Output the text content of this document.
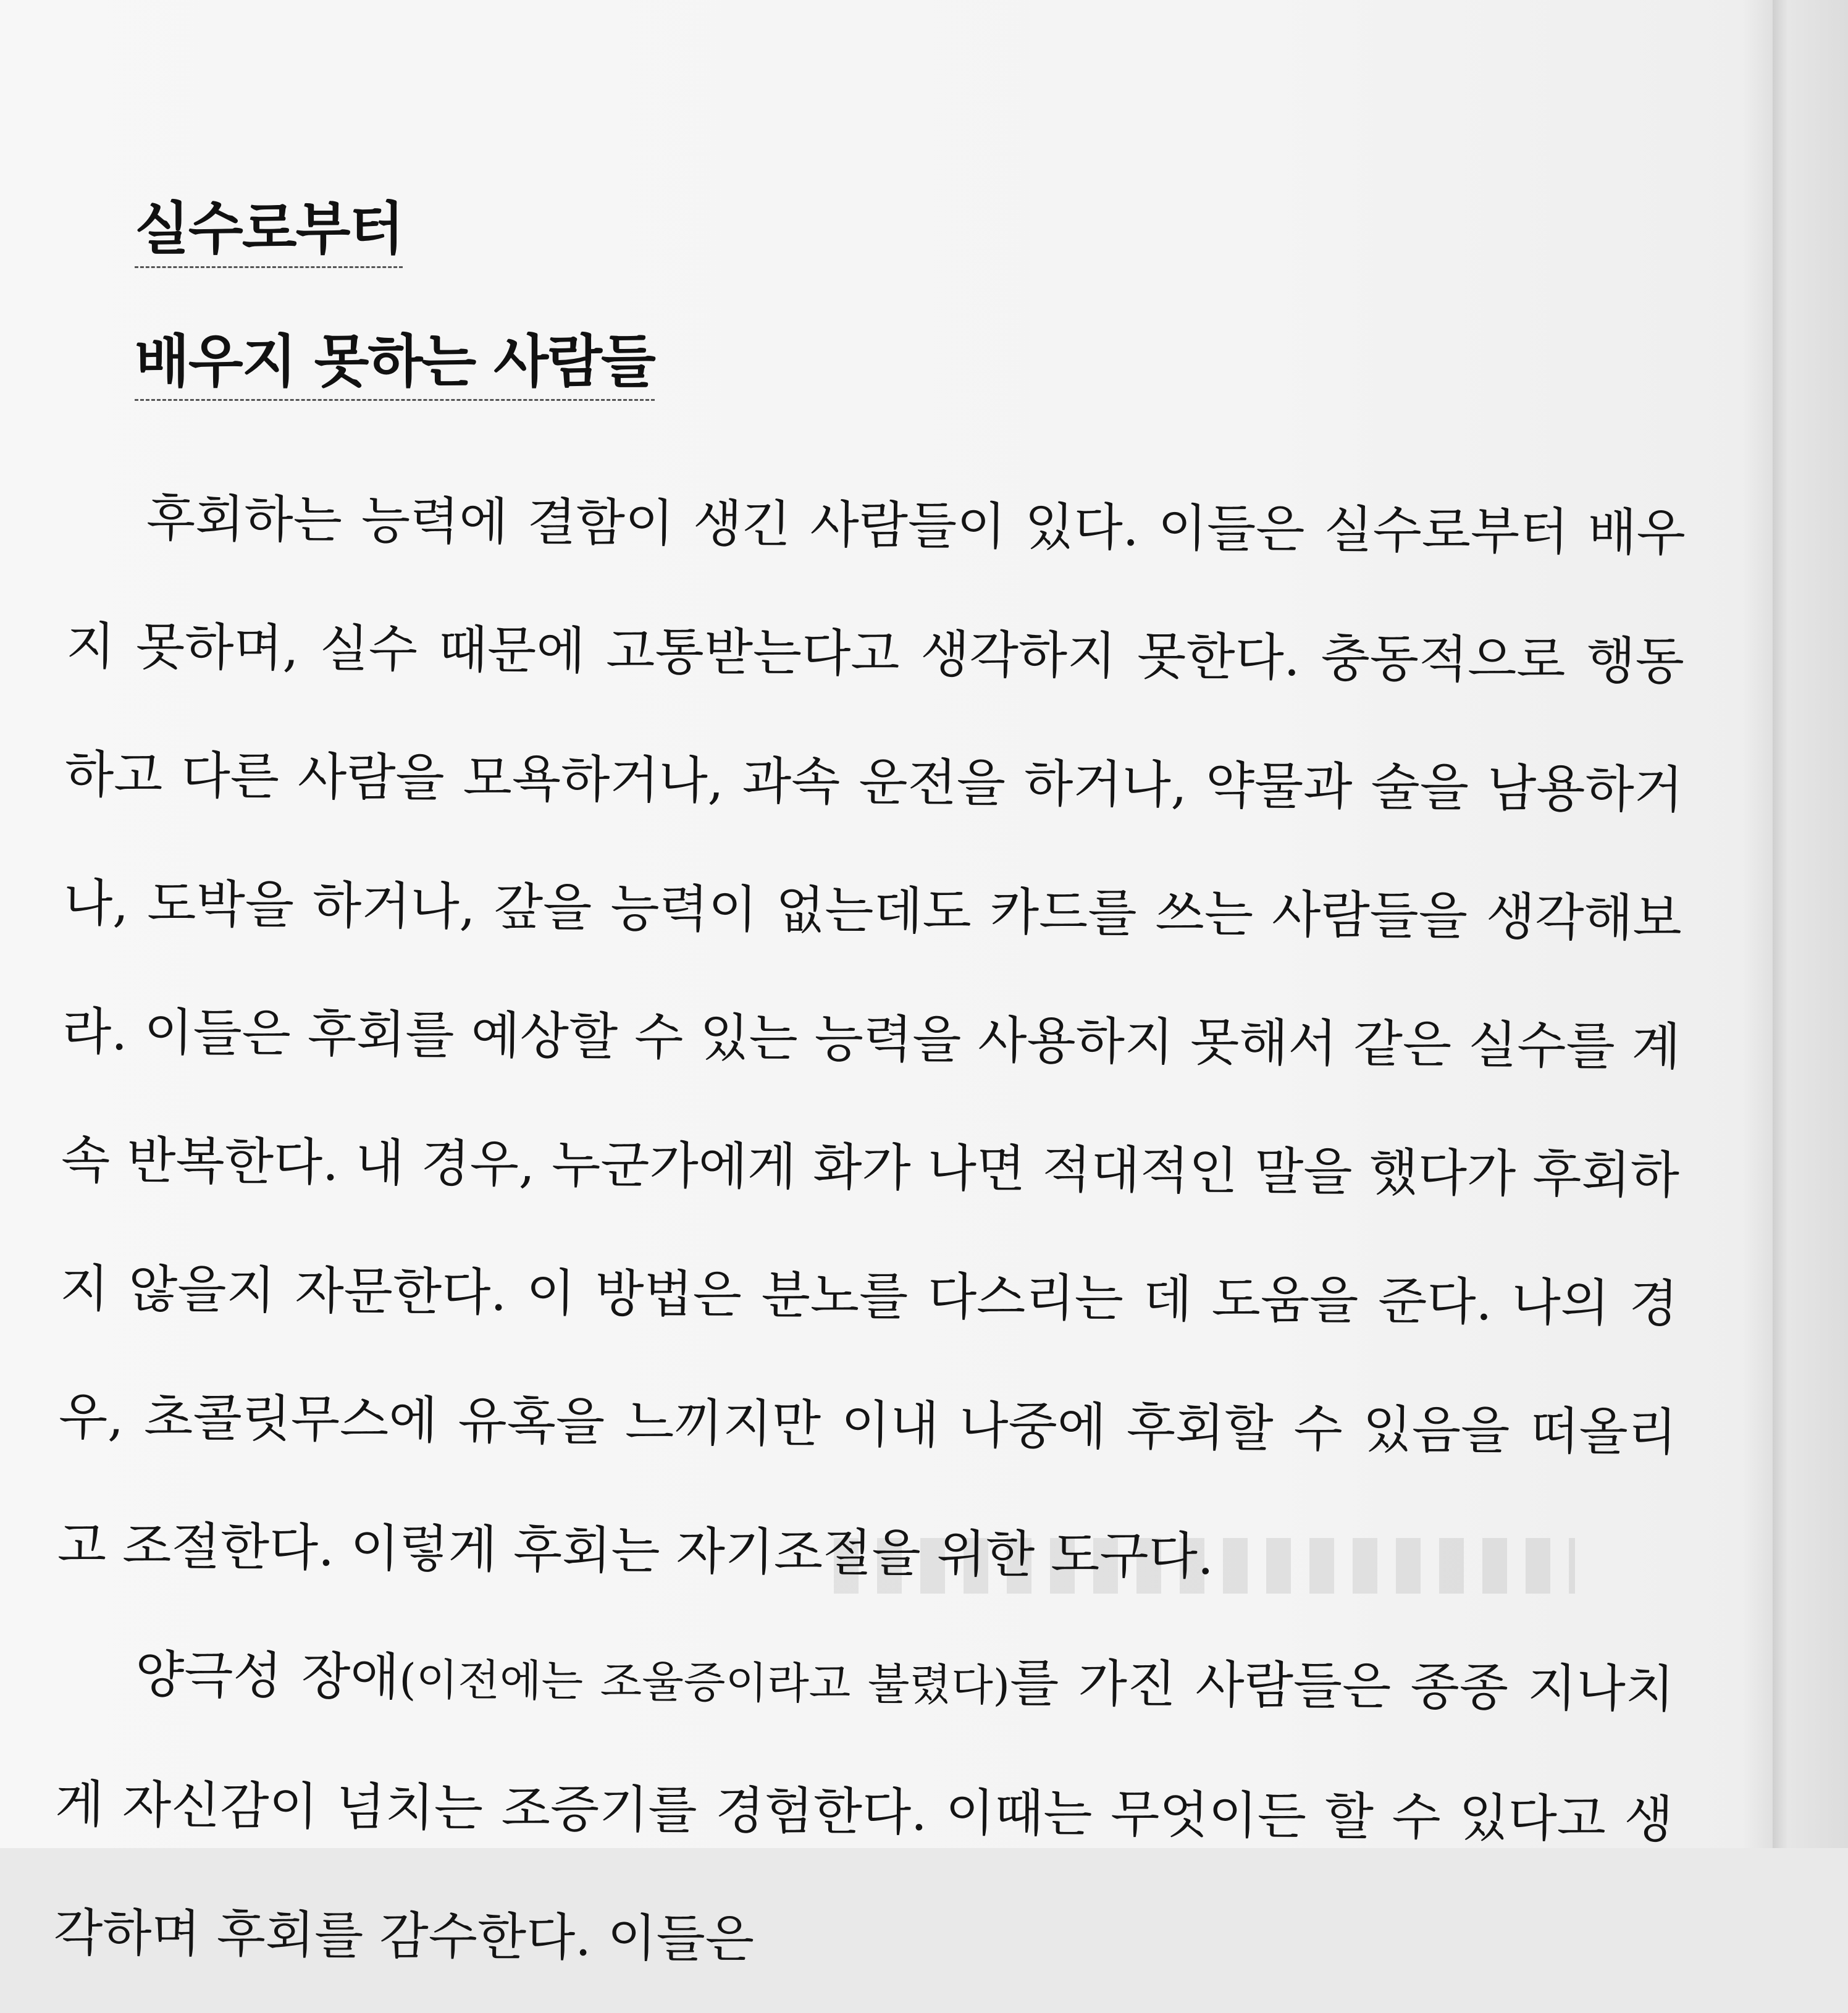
실수로부터
배우지 못하는 사람들

후회하는 능력에 결함이 생긴 사람들이 있다. 이들은 실수로부터 배우지 못하며, 실수 때문에 고통받는다고 생각하지 못한다. 충동적으로 행동하고 다른 사람을 모욕하거나, 과속 운전을 하거나, 약물과 술을 남용하거나, 도박을 하거나, 갚을 능력이 없는데도 카드를 쓰는 사람들을 생각해보라. 이들은 후회를 예상할 수 있는 능력을 사용하지 못해서 같은 실수를 계속 반복한다. 내 경우, 누군가에게 화가 나면 적대적인 말을 했다가 후회하지 않을지 자문한다. 이 방법은 분노를 다스리는 데 도움을 준다. 나의 경우, 초콜릿무스에 유혹을 느끼지만 이내 나중에 후회할 수 있음을 떠올리고 조절한다. 이렇게 후회는 자기조절을 위한 도구다.

양극성 장애(이전에는 조울증이라고 불렸다)를 가진 사람들은 종종 지나치게 자신감이 넘치는 조증기를 경험한다. 이때는 무엇이든 할 수 있다고 생각하며 후회를 감수한다. 이들은
